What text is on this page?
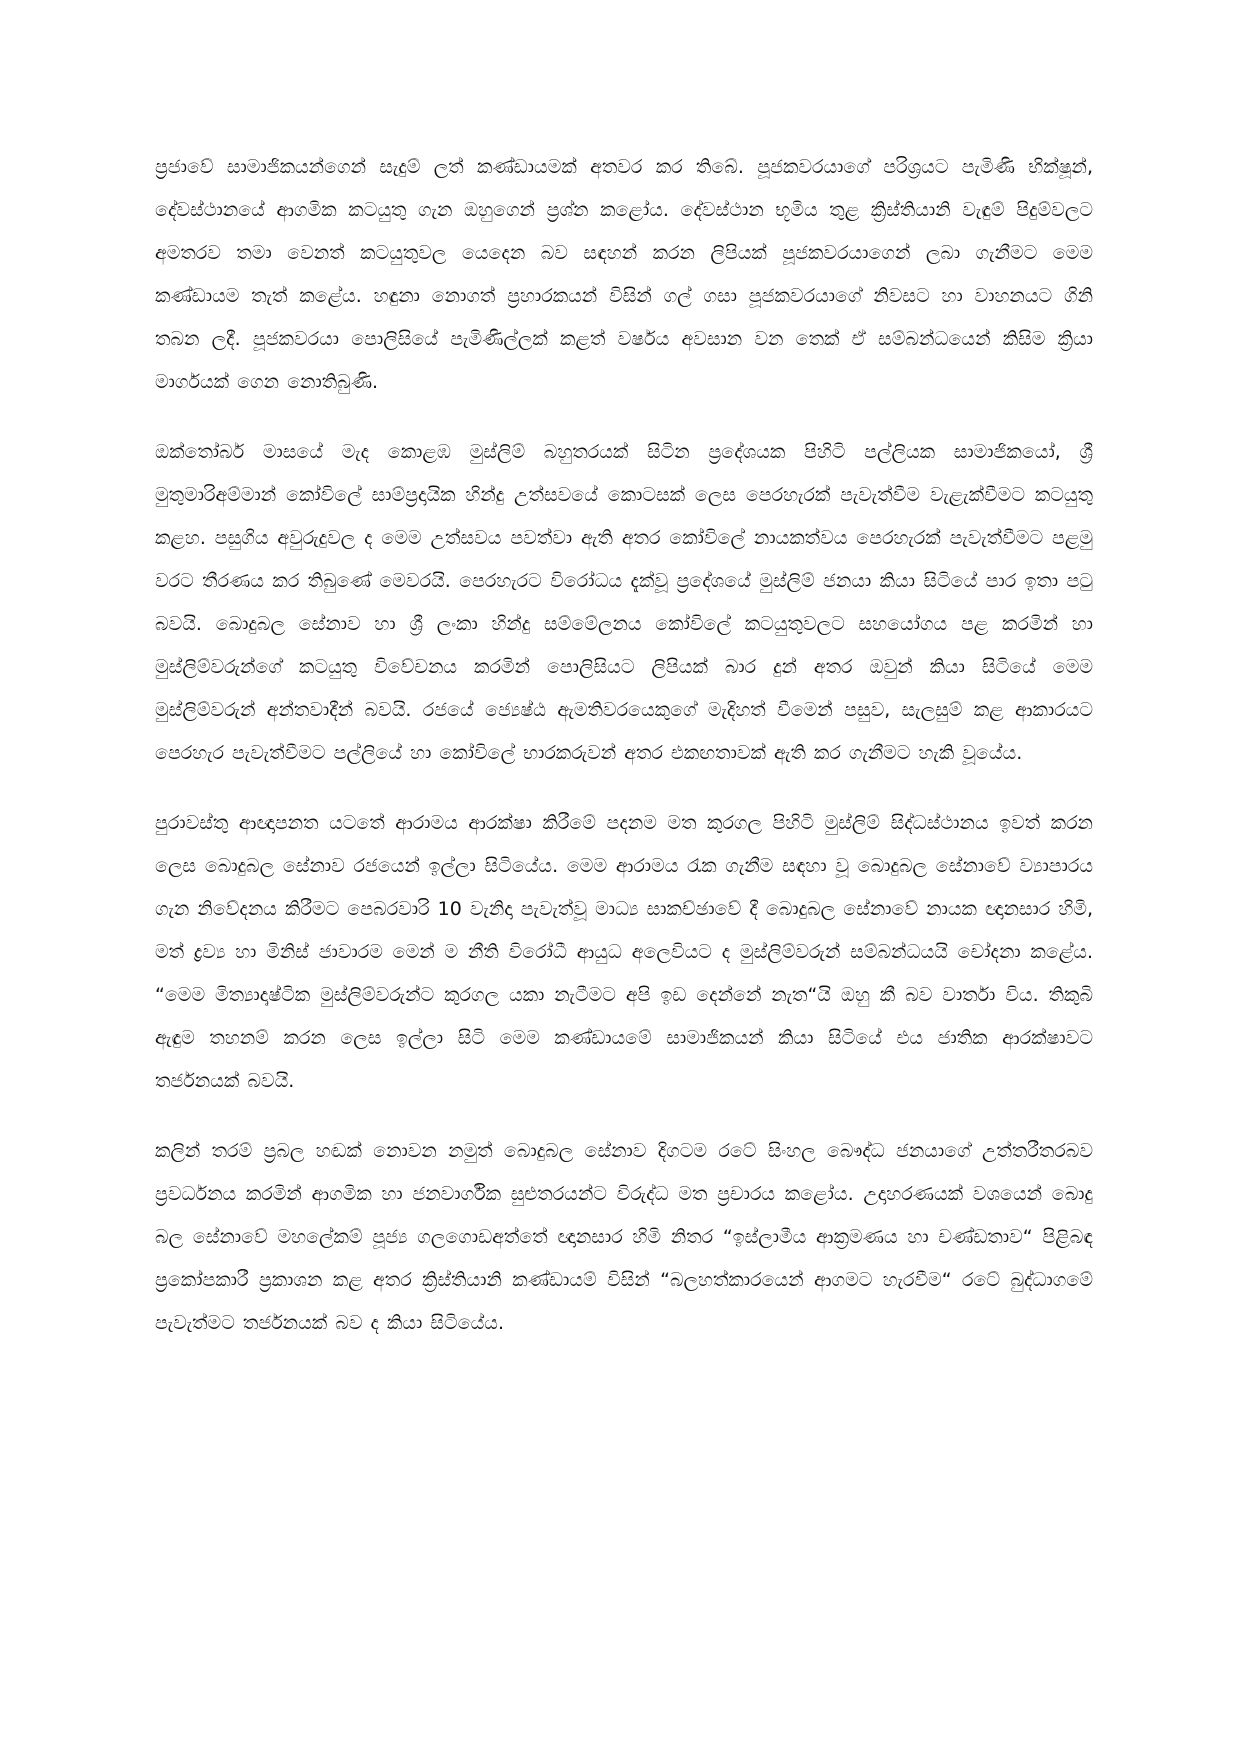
ප්‍රජාවේ සාමාජිකයන්ගෙන් සැදුම් ලත් කණ්ඩායමක් අතවර කර තිබේ. පූජකවරයාගේ පරිශ්‍රයට පැමිණි භික්ෂූන්, දේවස්ථානයේ ආගමික කටයුතු ගැන ඔහුගෙන් ප්‍රශ්න කළෝය. දේවස්ථාන භූමිය තුළ ක්‍රිස්තියානි වැඳුම් පිදුම්වලට අමතරව තමා වෙනත් කටයුතුවල යෙදෙන බව සඳහන් කරන ලිපියක් පූජකවරයාගෙන් ලබා ගැනීමට මෙම කණ්ඩායම තැත් කළේය. හඳුනා නොගත් ප්‍රහාරකයන් විසින් ගල් ගසා පූජකවරයාගේ නිවසට හා වාහනයට ගිනි තබන ලදී. පූජකවරයා පොලිසියේ පැමිණිල්ලක් කළත් වර්ෂය අවසාන වන තෙක් ඒ සම්බන්ධයෙන් කිසිම ක්‍රියා මාර්ගයක් ගෙන නොතිබුණි.

ඔක්තෝබර් මාසයේ මැද කොළඹ මුස්ලිම් බහුතරයක් සිටින ප්‍රදේශයක පිහිටි පල්ලියක සාමාජිකයෝ, ශ්‍රී මුතුමාරිඅම්මාන් කෝවිලේ සාම්ප්‍රදායික හින්දු උත්සවයේ කොටසක් ලෙස පෙරහැරක් පැවැත්වීම වැළැක්වීමට කටයුතු කළහ. පසුගිය අවුරුදුවල ද මෙම උත්සවය පවත්වා ඇති අතර කෝවිලේ නායකත්වය පෙරහැරක් පැවැත්වීමට පළමු වරට තීරණය කර තිබුණේ මෙවරයි. පෙරහැරට විරෝධය දැක්වූ ප්‍රදේශයේ මුස්ලිම් ජනයා කියා සිටියේ පාර ඉතා පටු බවයි. බොදුබල සේනාව හා ශ්‍රී ලංකා හින්දු සම්මේලනය කෝවිලේ කටයුතුවලට සහයෝගය පළ කරමින් හා මුස්ලිම්වරුන්ගේ කටයුතු විවේචනය කරමින් පොලිසියට ලිපියක් බාර දුන් අතර ඔවුන් කියා සිටියේ මෙම මුස්ලිම්වරුන් අන්තවාදීන් බවයි. රජයේ ජ්‍යෙෂ්ඨ ඇමතිවරයෙකුගේ මැදිහත් වීමෙන් පසුව, සැලසුම් කළ ආකාරයට පෙරහැර පැවැත්වීමට පල්ලියේ හා කෝවිලේ භාරකරුවන් අතර එකඟතාවක් ඇති කර ගැනීමට හැකි වූයේය.

පුරාවස්තු ආඥාපනත යටතේ ආරාමය ආරක්ෂා කිරීමේ පදනම මත කුරගල පිහිටි මුස්ලිම් සිද්ධස්ථානය ඉවත් කරන ලෙස බොදුබල සේනාව රජයෙන් ඉල්ලා සිටියේය. මෙම ආරාමය රැක ගැනීම සඳහා වූ බොදුබල සේනාවේ ව්‍යාපාරය ගැන නිවේදනය කිරීමට පෙබරවාරි 10 වැනිදා පැවැත්වූ මාධ්‍ය සාකච්ඡාවේ දී බොදුබල සේනාවේ නායක ඥානසාර හිමි, මත් ද්‍රව්‍ය හා මිනිස් ජාවාරම මෙන් ම නීති විරෝධී ආයුධ අලෙවියට ද මුස්ලිම්වරුන් සම්බන්ධයයි චෝදනා කළේය. “මෙම මිත්‍යාදෘෂ්ටික මුස්ලිම්වරුන්ට කුරගල යකා නැටීමට අපි ඉඩ දෙන්නේ නැත“යි ඔහු කී බව වාර්තා විය. තිකුබි ඇඳුම තහනම් කරන ලෙස ඉල්ලා සිටි මෙම කණ්ඩායමේ සාමාජිකයන් කියා සිටියේ එය ජාතික ආරක්ෂාවට තර්ජනයක් බවයි.

කලින් තරම් ප්‍රබල හඬක් නොවන නමුත් බොදුබල සේනාව දිගටම රටේ සිංහල බෞද්ධ ජනයාගේ උත්තරීතරබව ප්‍රවර්ධනය කරමින් ආගමික හා ජනවාර්ගික සුළුතරයන්ට විරුද්ධ මත ප්‍රචාරය කළෝය. උදාහරණයක් වශයෙන් බොදු බල සේනාවේ මහලේකම් පූජ්‍ය ගලගොඩඅත්තේ ඥානසාර හිමි නිතර “ඉස්ලාමීය ආක්‍රමණය හා චණ්ඩතාව“ පිළිබඳ ප්‍රකෝපකාරී ප්‍රකාශන කළ අතර ක්‍රිස්තියානි කණ්ඩායම් විසින් “බලහත්කාරයෙන් ආගමට හැරවීම“ රටේ බුද්ධාගමේ පැවැත්මට තර්ජනයක් බව ද කියා සිටියේය.
